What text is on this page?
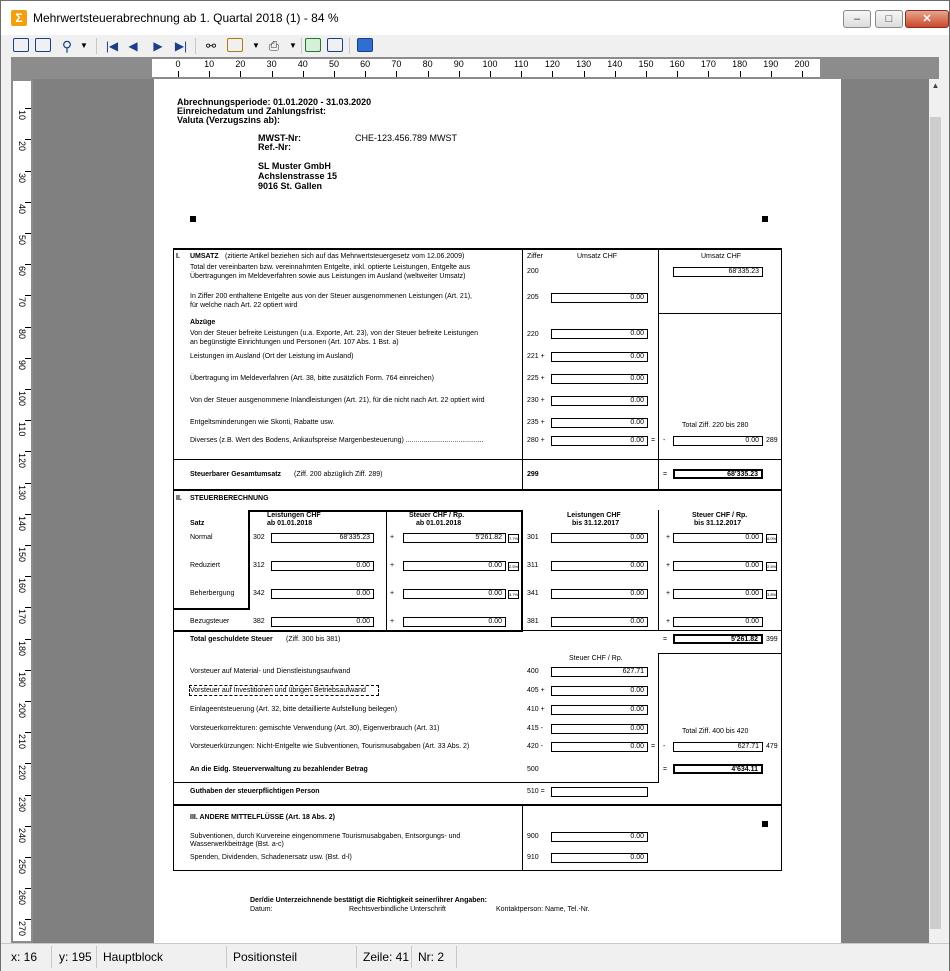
Σ Mehrwertsteuerabrechnung ab 1. Quartal 2018 (1) - 84 %	–	□	✕
⚲ ▼ |◀ ◀ ▶ ▶|	⚯	▼ ⎙	▼
0	10 20 30 40 50 60 70 80 90 100 110 120 130 140 150 160 170 180 190 200
10
20
30
40
50
60
70
80
90
100
110
120
130
140
150
160
170
180
190
200
210
220
230
240
250
260
270
Abrechnungsperiode: 01.01.2020 - 31.03.2020
Einreichedatum und Zahlungsfrist:
Valuta (Verzugszins ab):
MWST-Nr:	CHE-123.456.789 MWST
Ref.-Nr:
SL Muster GmbH
Achslenstrasse 15
9016 St. Gallen
I. UMSATZ (zitierte Artikel beziehen sich auf das Mehrwertsteuergesetz vom 12.06.2009)	Ziffer	Umsatz CHF	Umsatz CHF
Total der vereinbarten bzw. vereinnahmten Entgelte, inkl. optierte Leistungen, Entgelte aus
Übertragungen im Meldeverfahren sowie aus Leistungen im Ausland (weltweiter Umsatz)
200	68'335.23
In Ziffer 200 enthaltene Entgelte aus von der Steuer ausgenommenen Leistungen (Art. 21),
für welche nach Art. 22 optiert wird
205	0.00
Abzüge
Von der Steuer befreite Leistungen (u.a. Exporte, Art. 23), von der Steuer befreite Leistungen
an begünstigte Einrichtungen und Personen (Art. 107 Abs. 1 Bst. a)
220	0.00
Leistungen im Ausland (Ort der Leistung im Ausland)	221 +	0.00
Übertragung im Meldeverfahren (Art. 38, bitte zusätzlich Form. 764 einreichen)	225 +	0.00
Von der Steuer ausgenommene Inlandleistungen (Art. 21), für die nicht nach Art. 22 optiert wird	230 +	0.00
Entgeltsminderungen wie Skonti, Rabatte usw.	235 +	0.00	Total Ziff. 220 bis 280
Diverses (z.B. Wert des Bodens, Ankaufspreise Margenbesteuerung) ........................................	280 +	0.00	= -	0.00	289
Steuerbarer Gesamtumsatz (Ziff. 200 abzüglich Ziff. 289)	299	=	68'335.23
II. STEUERBERECHNUNG
Leistungen CHF
ab 01.01.2018
Steuer CHF / Rp.
ab 01.01.2018
Leistungen CHF
bis 31.12.2017
Steuer CHF / Rp.
bis 31.12.2017
Satz
Normal	302	68'335.23	+	5'261.82	7.7% 301	0.00	+	0.00	8.0%
Reduziert	312	0.00	+	0.00	2.5% 311	0.00	+	0.00	2.5%
Beherbergung	342	0.00	+	0.00	3.7% 341	0.00	+	0.00	3.8%
Bezugsteuer	382	0.00	+	0.00	381	0.00	+	0.00
Total geschuldete Steuer (Ziff. 300 bis 381)	=	5'261.82	399
Steuer CHF / Rp.
Vorsteuer auf Material- und Dienstleistungsaufwand	400	627.71
Vorsteuer auf Investitionen und übrigen Betriebsaufwand	405 +	0.00
Einlageentsteuerung (Art. 32, bitte detaillierte Aufstellung beilegen)	410 +	0.00
Vorsteuerkorrekturen: gemischte Verwendung (Art. 30), Eigenverbrauch (Art. 31)	415 -	0.00	Total Ziff. 400 bis 420
Vorsteuerkürzungen: Nicht-Entgelte wie Subventionen, Tourismusabgaben (Art. 33 Abs. 2)	420 -	0.00	= -	627.71	479
An die Eidg. Steuerverwaltung zu bezahlender Betrag	500	=	4'634.11
Guthaben der steuerpflichtigen Person	510 =
III. ANDERE MITTELFLÜSSE (Art. 18 Abs. 2)
Subventionen, durch Kurvereine eingenommene Tourismusabgaben, Entsorgungs- und
Wasserwerkbeiträge (Bst. a-c)
900	0.00
Spenden, Dividenden, Schadenersatz usw. (Bst. d-l)	910	0.00
Der/die Unterzeichnende bestätigt die Richtigkeit seiner/ihrer Angaben:
Datum:	Rechtsverbindliche Unterschrift	Kontaktperson: Name, Tel.-Nr.
▲
x: 16 y: 195 Hauptblock	Positionsteil	Zeile: 41 Nr: 2
